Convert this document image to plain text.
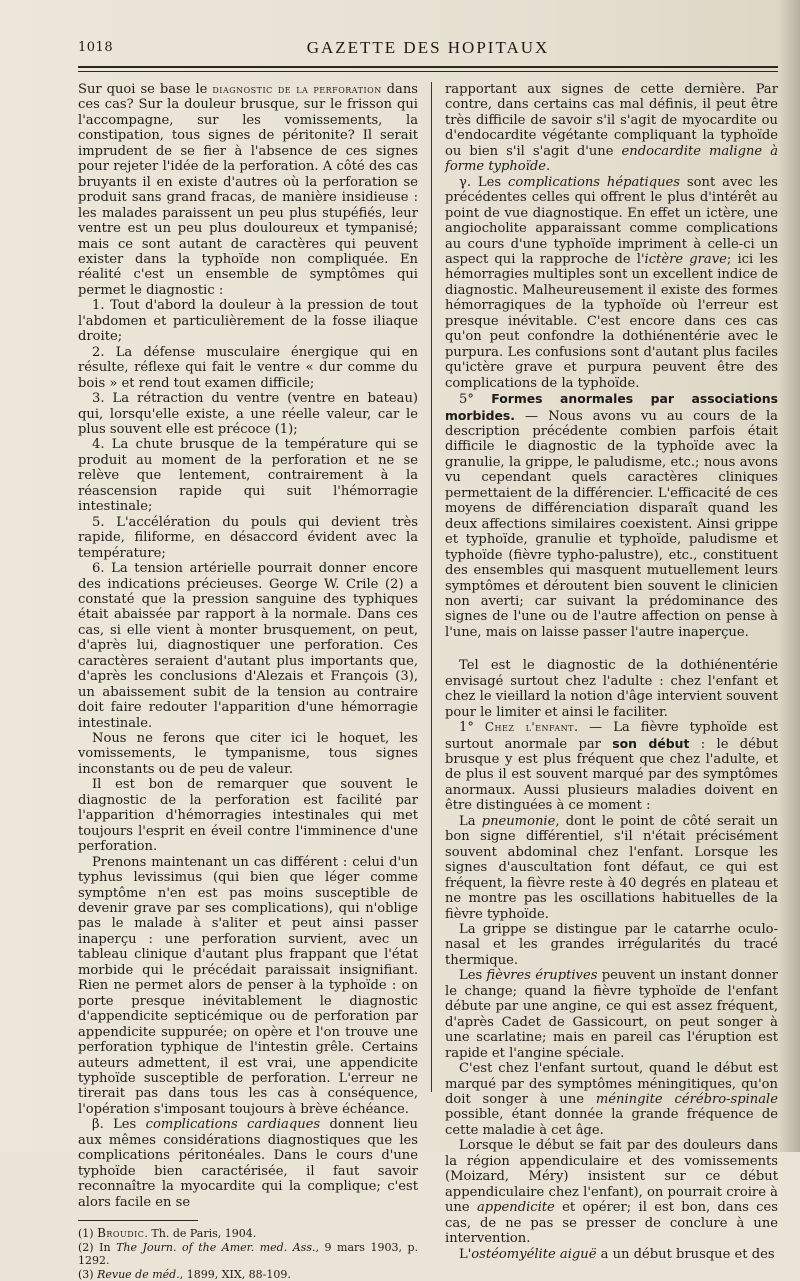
1018	GAZETTE DES HOPITAUX

Sur quoi se base le diagnostic de la perforation dans ces cas? Sur la douleur brusque, sur le frisson qui l'accompagne, sur les vomissements, la constipation, tous signes de péritonite? Il serait imprudent de se fier à l'absence de ces signes pour rejeter l'idée de la perforation. A côté des cas bruyants il en existe d'autres où la perforation se produit sans grand fracas, de manière insidieuse : les malades paraissent un peu plus stupéfiés, leur ventre est un peu plus douloureux et tympanisé; mais ce sont autant de caractères qui peuvent exister dans la typhoïde non compliquée. En réalité c'est un ensemble de symptômes qui permet le diagnostic :

1. Tout d'abord la douleur à la pression de tout l'abdomen et particulièrement de la fosse iliaque droite;

2. La défense musculaire énergique qui en résulte, réflexe qui fait le ventre « dur comme du bois » et rend tout examen difficile;

3. La rétraction du ventre (ventre en bateau) qui, lorsqu'elle existe, a une réelle valeur, car le plus souvent elle est précoce (1);

4. La chute brusque de la température qui se produit au moment de la perforation et ne se relève que lentement, contrairement à la réascension rapide qui suit l'hémorragie intestinale;

5. L'accélération du pouls qui devient très rapide, filiforme, en désaccord évident avec la température;

6. La tension artérielle pourrait donner encore des indications précieuses. George W. Crile (2) a constaté que la pression sanguine des typhiques était abaissée par rapport à la normale. Dans ces cas, si elle vient à monter brusquement, on peut, d'après lui, diagnostiquer une perforation. Ces caractères seraient d'autant plus importants que, d'après les conclusions d'Alezais et François (3), un abaissement subit de la tension au contraire doit faire redouter l'apparition d'une hémorragie intestinale.

Nous ne ferons que citer ici le hoquet, les vomissements, le tympanisme, tous signes inconstants ou de peu de valeur.

Il est bon de remarquer que souvent le diagnostic de la perforation est facilité par l'apparition d'hémorragies intestinales qui met toujours l'esprit en éveil contre l'imminence d'une perforation.

Prenons maintenant un cas différent : celui d'un typhus levissimus (qui bien que léger comme symptôme n'en est pas moins susceptible de devenir grave par ses complications), qui n'oblige pas le malade à s'aliter et peut ainsi passer inaperçu : une perforation survient, avec un tableau clinique d'autant plus frappant que l'état morbide qui le précédait paraissait insignifiant. Rien ne permet alors de penser à la typhoïde : on porte presque inévitablement le diagnostic d'appendicite septicémique ou de perforation par appendicite suppurée; on opère et l'on trouve une perforation typhique de l'intestin grêle. Certains auteurs admettent, il est vrai, une appendicite typhoïde susceptible de perforation. L'erreur ne tirerait pas dans tous les cas à conséquence, l'opération s'imposant toujours à brève échéance.

β. Les complications cardiaques donnent lieu aux mêmes considérations diagnostiques que les complications péritonéales. Dans le cours d'une typhoïde bien caractérisée, il faut savoir reconnaître la myocardite qui la complique; c'est alors facile en se

(1) Broudic. Th. de Paris, 1904.

(2) In The Journ. of the Amer. med. Ass., 9 mars 1903, p. 1292.

(3) Revue de méd., 1899, XIX, 88-109.

rapportant aux signes de cette dernière. Par contre, dans certains cas mal définis, il peut être très difficile de savoir s'il s'agit de myocardite ou d'endocardite végétante compliquant la typhoïde ou bien s'il s'agit d'une endocardite maligne à forme typhoïde.

γ. Les complications hépatiques sont avec les précédentes celles qui offrent le plus d'intérêt au point de vue diagnostique. En effet un ictère, une angiocholite apparaissant comme complications au cours d'une typhoïde impriment à celle-ci un aspect qui la rapproche de l'ictère grave; ici les hémorragies multiples sont un excellent indice de diagnostic. Malheureusement il existe des formes hémorragiques de la typhoïde où l'erreur est presque inévitable. C'est encore dans ces cas qu'on peut confondre la dothiénentérie avec le purpura. Les confusions sont d'autant plus faciles qu'ictère grave et purpura peuvent être des complications de la typhoïde.

5° Formes anormales par associations morbides. — Nous avons vu au cours de la description précédente combien parfois était difficile le diagnostic de la typhoïde avec la granulie, la grippe, le paludisme, etc.; nous avons vu cependant quels caractères cliniques permettaient de la différencier. L'efficacité de ces moyens de différenciation disparaît quand les deux affections similaires coexistent. Ainsi grippe et typhoïde, granulie et typhoïde, paludisme et typhoïde (fièvre typho-palustre), etc., constituent des ensembles qui masquent mutuellement leurs symptômes et déroutent bien souvent le clinicien non averti; car suivant la prédominance des signes de l'une ou de l'autre affection on pense à l'une, mais on laisse passer l'autre inaperçue.

Tel est le diagnostic de la dothiénentérie envisagé surtout chez l'adulte : chez l'enfant et chez le vieillard la notion d'âge intervient souvent pour le limiter et ainsi le faciliter.

1° Chez l'enfant. — La fièvre typhoïde est surtout anormale par son début : le début brusque y est plus fréquent que chez l'adulte, et de plus il est souvent marqué par des symptômes anormaux. Aussi plusieurs maladies doivent en être distinguées à ce moment :

La pneumonie, dont le point de côté serait un bon signe différentiel, s'il n'était précisément souvent abdominal chez l'enfant. Lorsque les signes d'auscultation font défaut, ce qui est fréquent, la fièvre reste à 40 degrés en plateau et ne montre pas les oscillations habituelles de la fièvre typhoïde.

La grippe se distingue par le catarrhe oculo-nasal et les grandes irrégularités du tracé thermique.

Les fièvres éruptives peuvent un instant donner le change; quand la fièvre typhoïde de l'enfant débute par une angine, ce qui est assez fréquent, d'après Cadet de Gassicourt, on peut songer à une scarlatine; mais en pareil cas l'éruption est rapide et l'angine spéciale.

C'est chez l'enfant surtout, quand le début est marqué par des symptômes méningitiques, qu'on doit songer à une méningite cérébro-spinale possible, étant donnée la grande fréquence de cette maladie à cet âge.

Lorsque le début se fait par des douleurs dans la région appendiculaire et des vomissements (Moizard, Méry) insistent sur ce début appendiculaire chez l'enfant), on pourrait croire à une appendicite et opérer; il est bon, dans ces cas, de ne pas se presser de conclure à une intervention.

L'ostéomyélite aiguë a un début brusque et des
